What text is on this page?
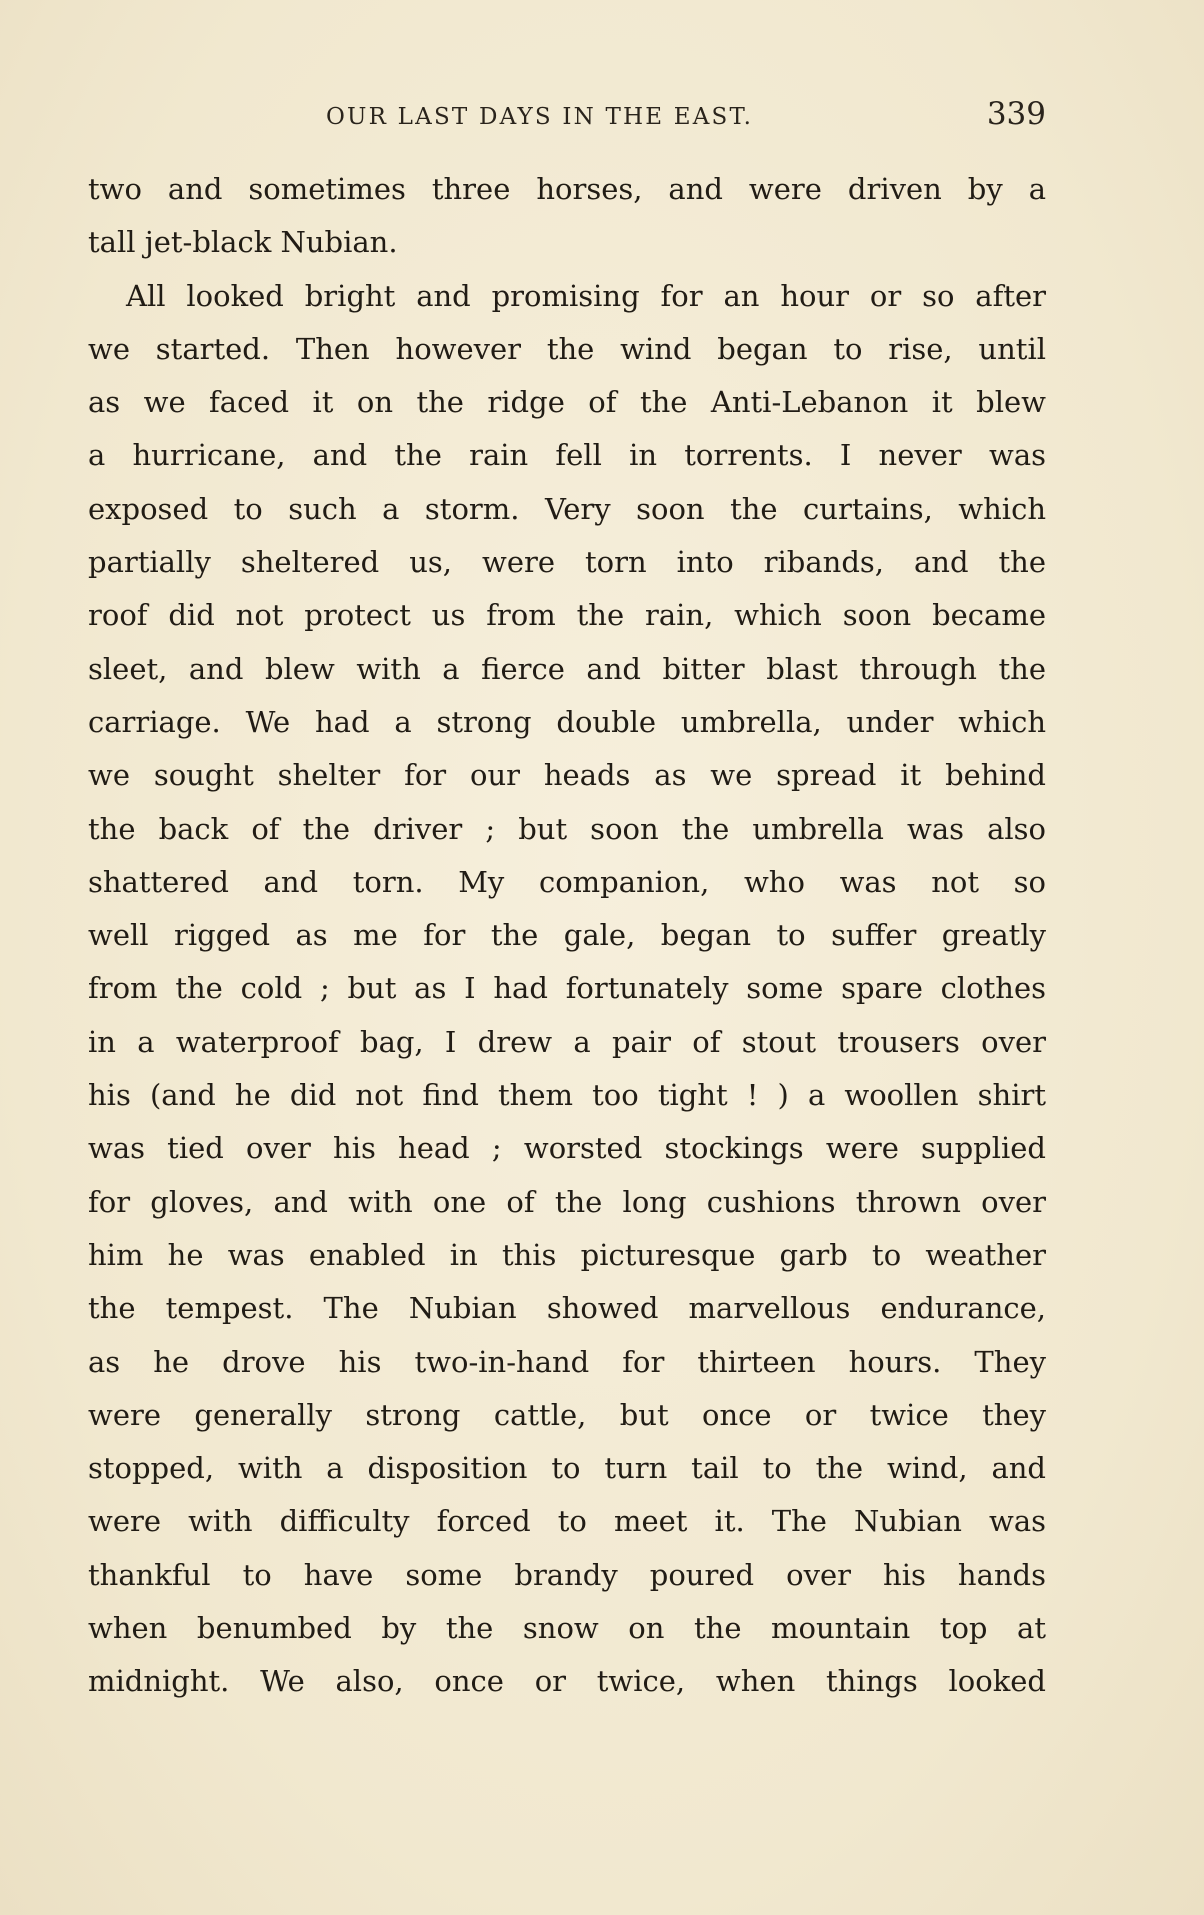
OUR LAST DAYS IN THE EAST.	339
two and sometimes three horses, and were driven by a
tall jet-black Nubian.
All looked bright and promising for an hour or so after
we started. Then however the wind began to rise, until
as we faced it on the ridge of the Anti-Lebanon it blew
a hurricane, and the rain fell in torrents. I never was
exposed to such a storm. Very soon the curtains, which
partially sheltered us, were torn into ribands, and the
roof did not protect us from the rain, which soon became
sleet, and blew with a fierce and bitter blast through the
carriage. We had a strong double umbrella, under which
we sought shelter for our heads as we spread it behind
the back of the driver ; but soon the umbrella was also
shattered and torn. My companion, who was not so
well rigged as me for the gale, began to suffer greatly
from the cold ; but as I had fortunately some spare clothes
in a waterproof bag, I drew a pair of stout trousers over
his (and he did not find them too tight ! ) a woollen shirt
was tied over his head ; worsted stockings were supplied
for gloves, and with one of the long cushions thrown over
him he was enabled in this picturesque garb to weather
the tempest. The Nubian showed marvellous endurance,
as he drove his two-in-hand for thirteen hours. They
were generally strong cattle, but once or twice they
stopped, with a disposition to turn tail to the wind, and
were with difficulty forced to meet it. The Nubian was
thankful to have some brandy poured over his hands
when benumbed by the snow on the mountain top at
midnight. We also, once or twice, when things looked
